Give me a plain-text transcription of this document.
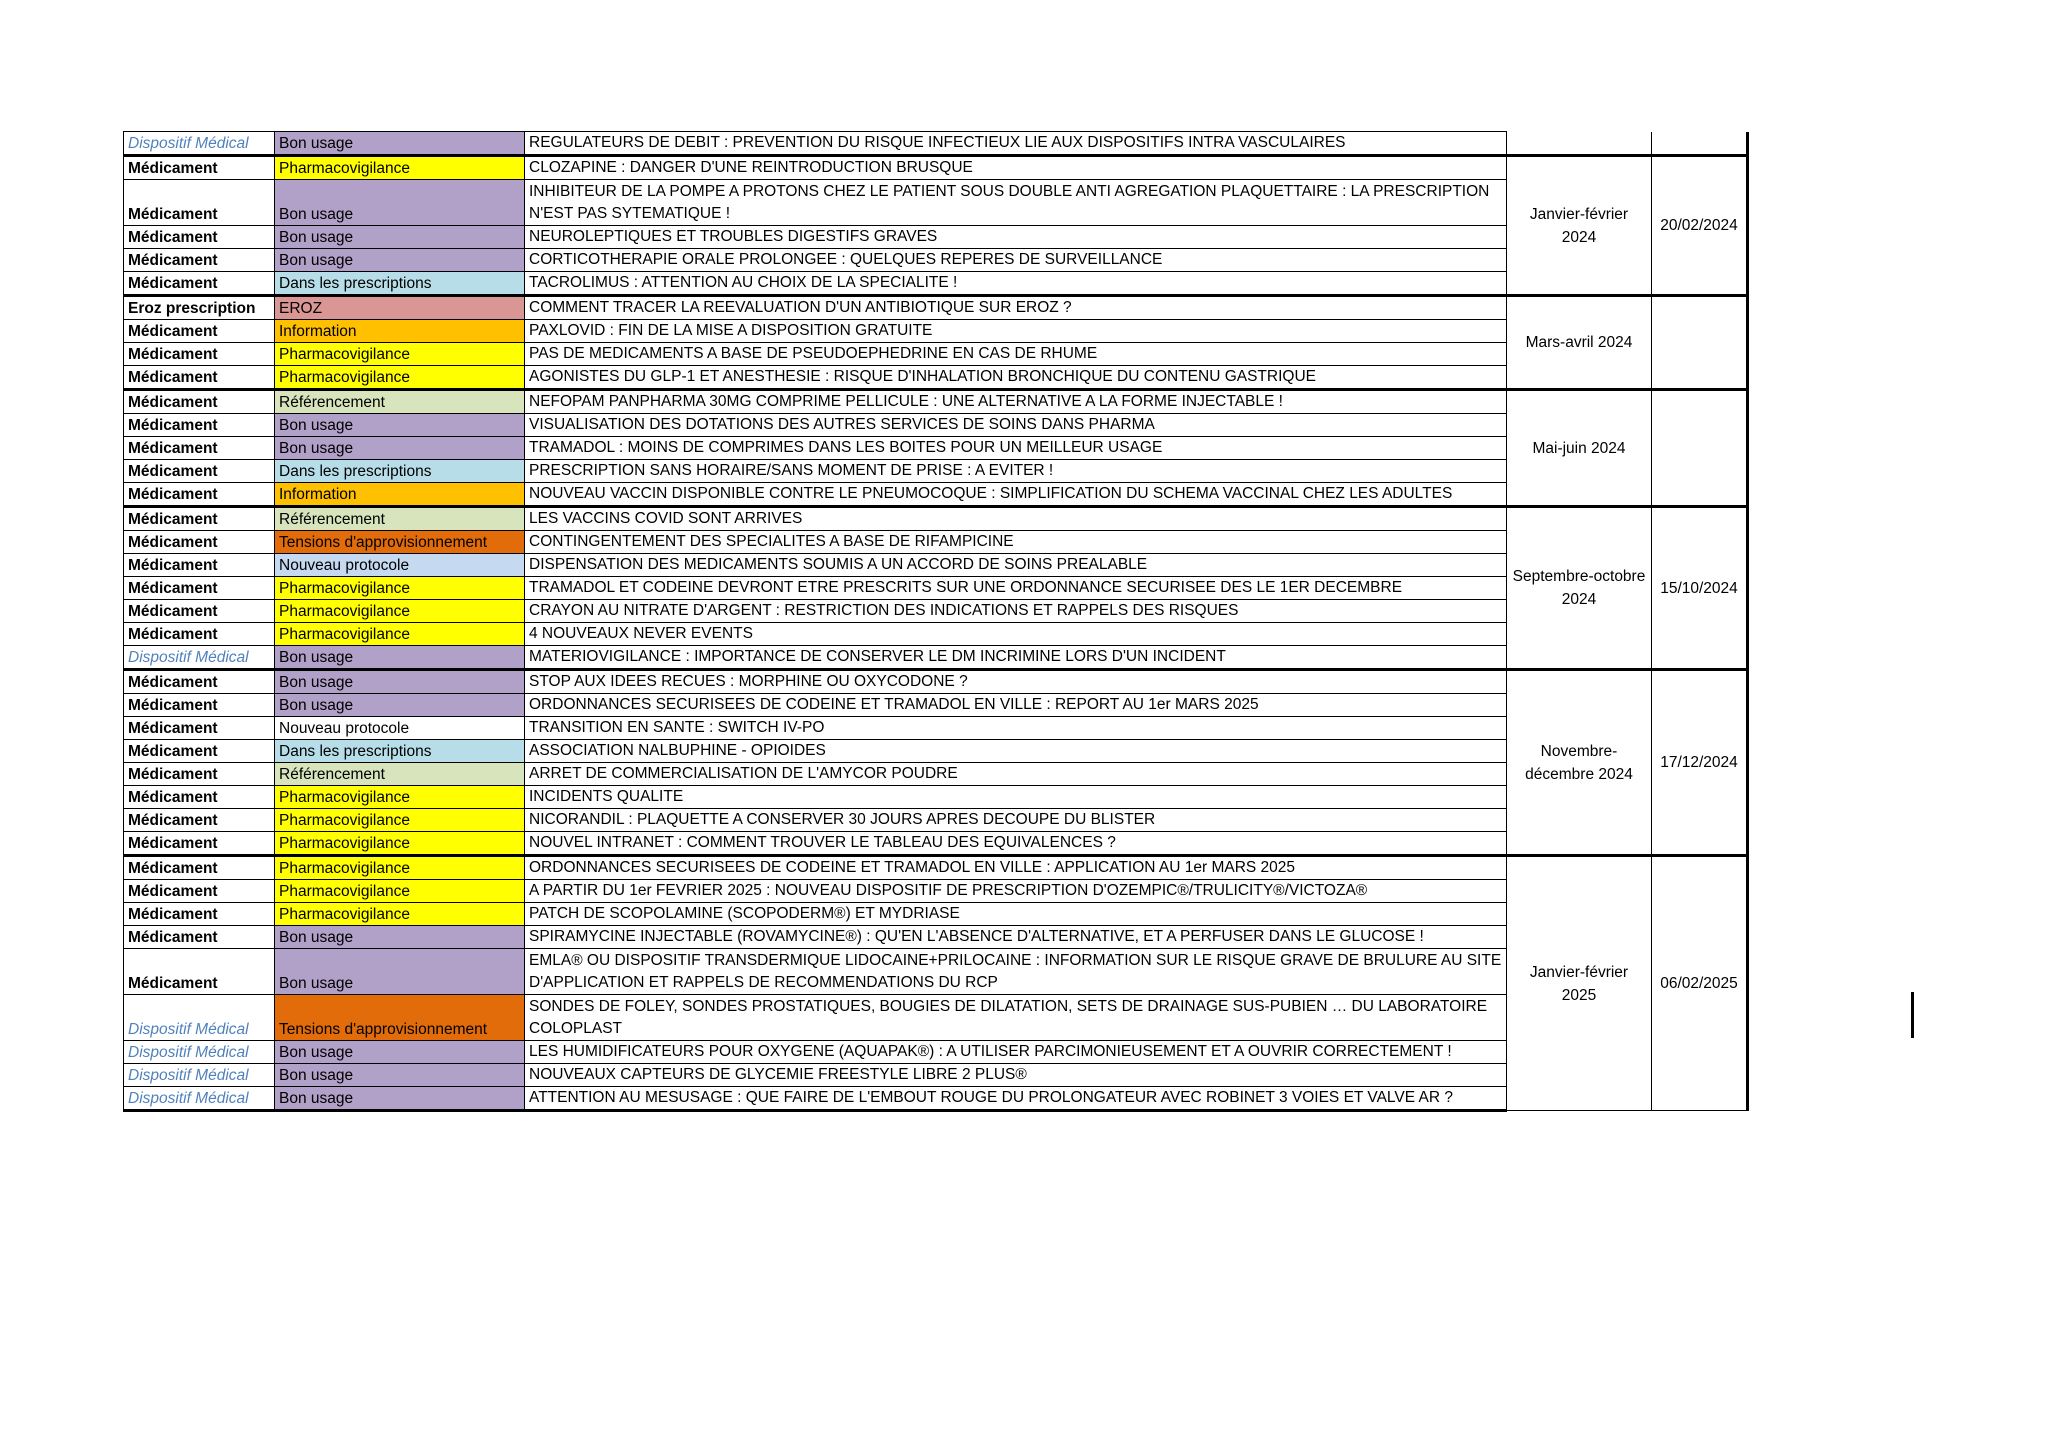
Dispositif Médical	Bon usage	REGULATEURS DE DEBIT : PREVENTION DU RISQUE INFECTIEUX LIE AUX DISPOSITIFS INTRA VASCULAIRES		
Médicament	Pharmacovigilance	CLOZAPINE : DANGER D'UNE REINTRODUCTION BRUSQUE	Janvier-février 2024	20/02/2024
Médicament	Bon usage	INHIBITEUR DE LA POMPE A PROTONS CHEZ LE PATIENT SOUS DOUBLE ANTI AGREGATION PLAQUETTAIRE : LA PRESCRIPTION N'EST PAS SYTEMATIQUE !		
Médicament	Bon usage	NEUROLEPTIQUES ET TROUBLES DIGESTIFS GRAVES		
Médicament	Bon usage	CORTICOTHERAPIE ORALE PROLONGEE : QUELQUES REPERES DE SURVEILLANCE		
Médicament	Dans les prescriptions	TACROLIMUS : ATTENTION AU CHOIX DE LA SPECIALITE !		
Eroz prescription	EROZ	COMMENT TRACER LA REEVALUATION D'UN ANTIBIOTIQUE SUR EROZ ?	Mars-avril 2024	
Médicament	Information	PAXLOVID : FIN DE LA MISE A DISPOSITION GRATUITE		
Médicament	Pharmacovigilance	PAS DE MEDICAMENTS A BASE DE PSEUDOEPHEDRINE EN CAS DE RHUME		
Médicament	Pharmacovigilance	AGONISTES DU GLP-1 ET ANESTHESIE : RISQUE D'INHALATION BRONCHIQUE DU CONTENU GASTRIQUE		
Médicament	Référencement	NEFOPAM PANPHARMA 30MG COMPRIME PELLICULE : UNE ALTERNATIVE A LA FORME INJECTABLE !	Mai-juin 2024	
Médicament	Bon usage	VISUALISATION DES DOTATIONS DES AUTRES SERVICES DE SOINS DANS PHARMA		
Médicament	Bon usage	TRAMADOL : MOINS DE COMPRIMES DANS LES BOITES POUR UN MEILLEUR USAGE		
Médicament	Dans les prescriptions	PRESCRIPTION SANS HORAIRE/SANS MOMENT DE PRISE : A EVITER !		
Médicament	Information	NOUVEAU VACCIN DISPONIBLE CONTRE LE PNEUMOCOQUE : SIMPLIFICATION DU SCHEMA VACCINAL CHEZ LES ADULTES		
Médicament	Référencement	LES VACCINS COVID SONT ARRIVES	Septembre-octobre 2024	15/10/2024
Médicament	Tensions d'approvisionnement	CONTINGENTEMENT DES SPECIALITES A BASE DE RIFAMPICINE		
Médicament	Nouveau protocole	DISPENSATION DES MEDICAMENTS SOUMIS A UN ACCORD DE SOINS PREALABLE		
Médicament	Pharmacovigilance	TRAMADOL ET CODEINE DEVRONT ETRE PRESCRITS SUR UNE ORDONNANCE SECURISEE DES LE 1ER DECEMBRE		
Médicament	Pharmacovigilance	CRAYON AU NITRATE D'ARGENT : RESTRICTION DES INDICATIONS ET RAPPELS DES RISQUES		
Médicament	Pharmacovigilance	4 NOUVEAUX NEVER EVENTS		
Dispositif Médical	Bon usage	MATERIOVIGILANCE : IMPORTANCE DE CONSERVER LE DM INCRIMINE LORS D'UN INCIDENT		
Médicament	Bon usage	STOP AUX IDEES RECUES : MORPHINE OU OXYCODONE ?	Novembre-décembre 2024	17/12/2024
Médicament	Bon usage	ORDONNANCES SECURISEES DE CODEINE ET TRAMADOL EN VILLE : REPORT AU 1er MARS 2025		
Médicament	Nouveau protocole	TRANSITION EN SANTE : SWITCH IV-PO		
Médicament	Dans les prescriptions	ASSOCIATION NALBUPHINE - OPIOIDES		
Médicament	Référencement	ARRET DE COMMERCIALISATION DE L'AMYCOR POUDRE		
Médicament	Pharmacovigilance	INCIDENTS QUALITE		
Médicament	Pharmacovigilance	NICORANDIL : PLAQUETTE A CONSERVER 30 JOURS APRES DECOUPE DU BLISTER		
Médicament	Pharmacovigilance	NOUVEL INTRANET : COMMENT TROUVER LE TABLEAU DES EQUIVALENCES ?		
Médicament	Pharmacovigilance	ORDONNANCES SECURISEES DE CODEINE ET TRAMADOL EN VILLE : APPLICATION AU 1er MARS 2025	Janvier-février 2025	06/02/2025
Médicament	Pharmacovigilance	A PARTIR DU 1er FEVRIER 2025 : NOUVEAU DISPOSITIF DE PRESCRIPTION D'OZEMPIC®/TRULICITY®/VICTOZA®		
Médicament	Pharmacovigilance	PATCH DE SCOPOLAMINE (SCOPODERM®) ET MYDRIASE		
Médicament	Bon usage	SPIRAMYCINE INJECTABLE (ROVAMYCINE®) : QU'EN L'ABSENCE D'ALTERNATIVE, ET A PERFUSER DANS LE GLUCOSE !		
Médicament	Bon usage	EMLA® OU DISPOSITIF TRANSDERMIQUE LIDOCAINE+PRILOCAINE : INFORMATION SUR LE RISQUE GRAVE DE BRULURE AU SITE D'APPLICATION ET RAPPELS DE RECOMMENDATIONS DU RCP		
Dispositif Médical	Tensions d'approvisionnement	SONDES DE FOLEY, SONDES PROSTATIQUES, BOUGIES DE DILATATION, SETS DE DRAINAGE SUS-PUBIEN … DU LABORATOIRE COLOPLAST		
Dispositif Médical	Bon usage	LES HUMIDIFICATEURS POUR OXYGENE (AQUAPAK®) : A UTILISER PARCIMONIEUSEMENT ET A OUVRIR CORRECTEMENT !		
Dispositif Médical	Bon usage	NOUVEAUX CAPTEURS DE GLYCEMIE FREESTYLE LIBRE 2 PLUS®		
Dispositif Médical	Bon usage	ATTENTION AU MESUSAGE : QUE FAIRE DE L'EMBOUT ROUGE DU PROLONGATEUR AVEC ROBINET 3 VOIES ET VALVE AR ?		
